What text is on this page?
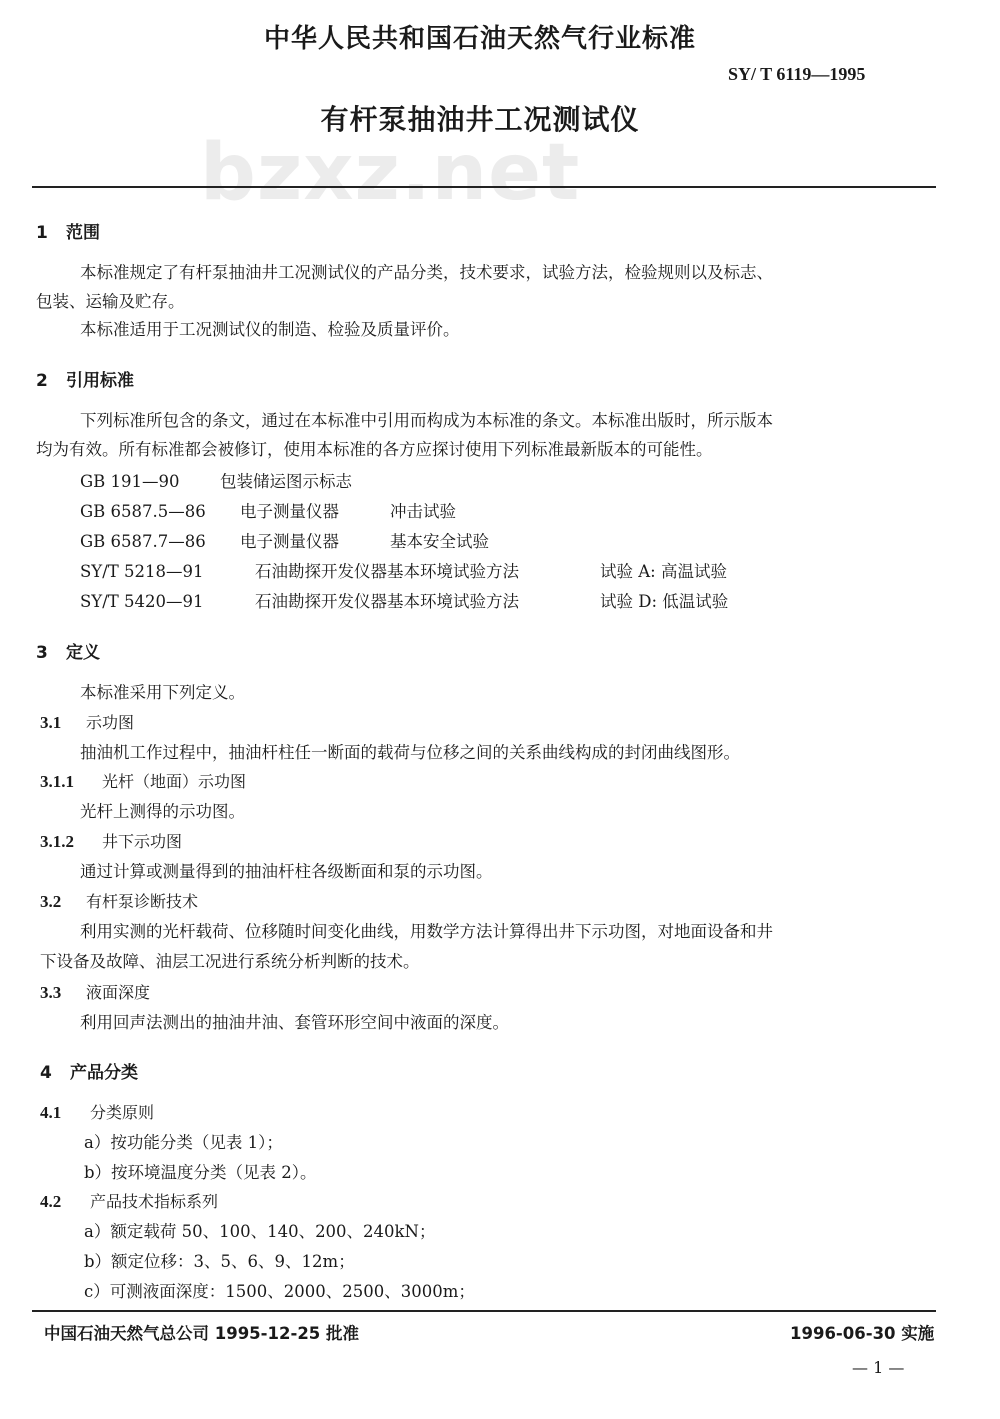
中华人民共和国石油天然气行业标准
SY/ T 6119—1995
有杆泵抽油井工况测试仪
bzxz.net
1 范围
本标准规定了有杆泵抽油井工况测试仪的产品分类，技术要求，试验方法，检验规则以及标志、
包装、运输及贮存。
本标准适用于工况测试仪的制造、检验及质量评价。
2 引用标准
下列标准所包含的条文，通过在本标准中引用而构成为本标准的条文。本标准出版时，所示版本
均为有效。所有标准都会被修订，使用本标准的各方应探讨使用下列标准最新版本的可能性。
GB 191—90 包装储运图示标志
GB 6587.5—86 电子测量仪器	冲击试验
GB 6587.7—86 电子测量仪器	基本安全试验
SY/T 5218—91	石油勘探开发仪器基本环境试验方法	试验 A: 高温试验
SY/T 5420—91	石油勘探开发仪器基本环境试验方法	试验 D: 低温试验
3 定义
本标准采用下列定义。
3.1 示功图
抽油机工作过程中，抽油杆柱任一断面的载荷与位移之间的关系曲线构成的封闭曲线图形。
3.1.1 光杆（地面）示功图
光杆上测得的示功图。
3.1.2 井下示功图
通过计算或测量得到的抽油杆柱各级断面和泵的示功图。
3.2 有杆泵诊断技术
利用实测的光杆载荷、位移随时间变化曲线，用数学方法计算得出井下示功图，对地面设备和井
下设备及故障、油层工况进行系统分析判断的技术。
3.3 液面深度
利用回声法测出的抽油井油、套管环形空间中液面的深度。
4 产品分类
4.1 分类原则
a）按功能分类（见表 1）；
b）按环境温度分类（见表 2）。
4.2 产品技术指标系列
a）额定载荷 50、100、140、200、240kN；
b）额定位移：3、5、6、9、12m；
c）可测液面深度：1500、2000、2500、3000m；
中国石油天然气总公司 1995-12-25 批准	1996-06-30 实施
— 1 —
